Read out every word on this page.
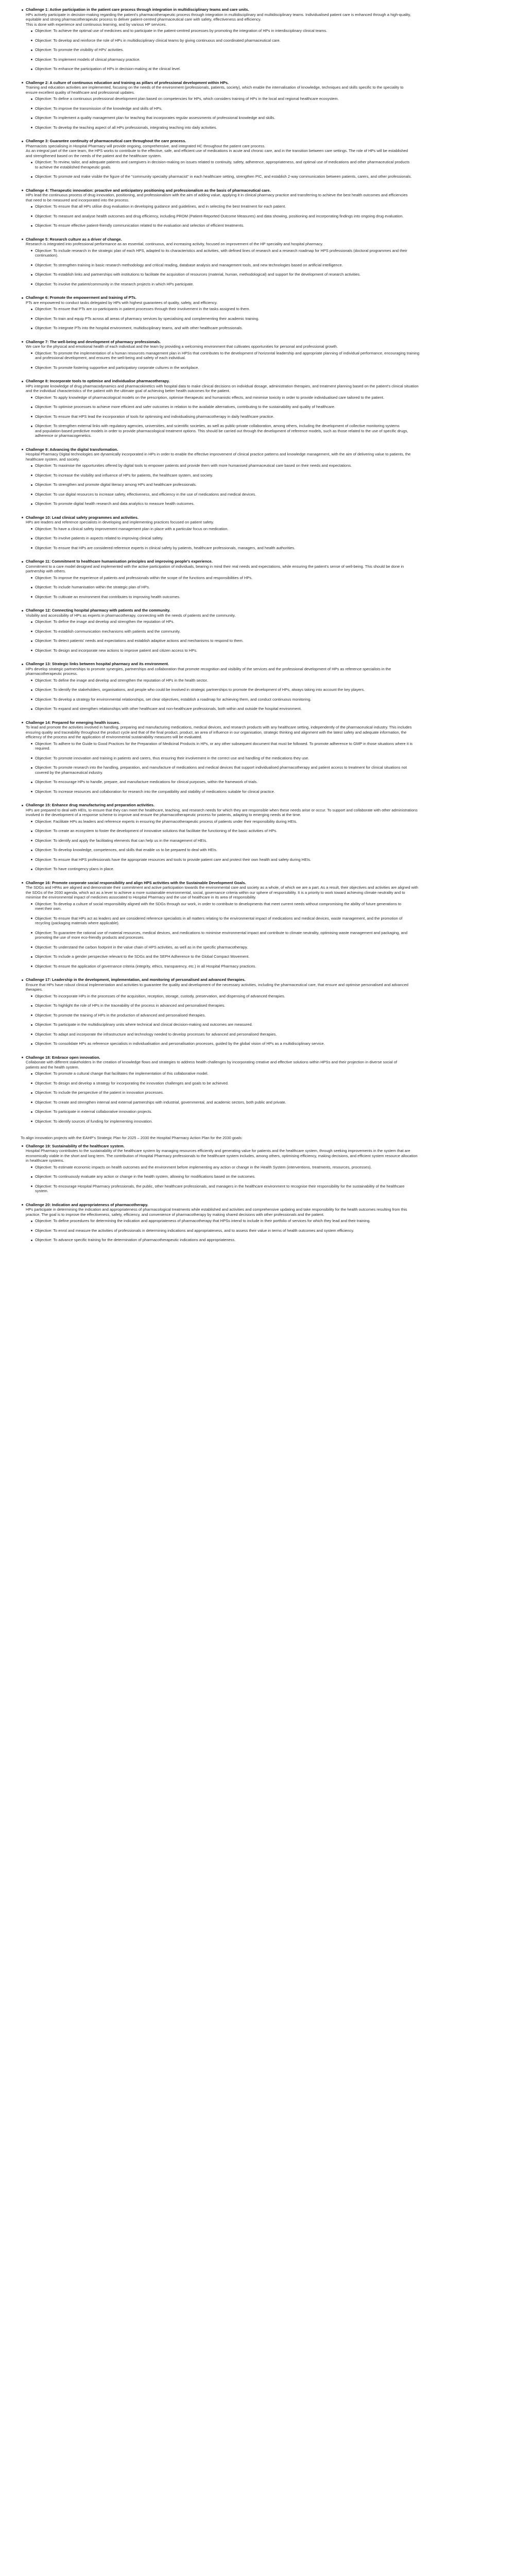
Challenge 1: Active participation in the patient care process through integration in multidisciplinary teams and care units.
HPs actively participate in decision-making regarding the patient's pharmacotherapeutic process through integration in multidisciplinary and multidisciplinary teams. Individualised patient care is enhanced through a high-quality,
equitable and strong pharmacotherapeutic process to deliver patient-centred pharmaceutical care with safety, effectiveness and efficiency.
This is done with experience and continuous learning, and by various HP services.
Objective: To achieve the optimal use of medicines and to participate in the patient-centred processes by promoting the integration of HPs in interdisciplinary clinical teams.
Objective: To develop and reinforce the role of HPs in multidisciplinary clinical teams by giving continuous and coordinated pharmaceutical care.
Objective: To promote the visibility of HPs' activities.
Objective: To implement models of clinical pharmacy practice.
Objective: To enhance the participation of HPs in decision-making at the clinical level.
Challenge 2: A culture of continuous education and training as pillars of professional development within HPs.
Training and education activities are implemented, focusing on the needs of the environment (professionals, patients, society), which enable the internalisation of knowledge, techniques and skills specific to the speciality to
ensure excellent quality of healthcare and professional updates.
Objective: To define a continuous professional development plan based on competencies for HPs, which considers training of HPs in the local and regional healthcare ecosystem.
Objective: To improve the transmission of the knowledge and skills of HPs.
Objective: To implement a quality management plan for teaching that incorporates regular assessments of professional knowledge and skills.
Objective: To develop the teaching aspect of all HPs professionals, integrating teaching into daily activities.
Challenge 3: Guarantee continuity of pharmaceutical care throughout the care process.
Pharmacists specialising in Hospital Pharmacy will provide ongoing, comprehensive, and integrated HC throughout the patient care process.
As an integral part of the care team, the HPS works to contribute to the effective, safe, and efficient use of medications in acute and chronic care, and in the transition between care settings. The role of HPs will be established
and strengthened based on the needs of the patient and the healthcare system.
Objective: To review, tailor, and adequate patients and caregivers in decision-making on issues related to continuity, safety, adherence, appropriateness, and optimal use of medications and other pharmaceutical products
to achieve the established therapeutic goals.
Objective: To promote and make visible the figure of the "community specialty pharmacist" in each healthcare setting, strengthen PIC, and establish 2-way communication between patients, carers, and other professionals.
Challenge 4: Therapeutic innovation: proactive and anticipatory positioning and professionalism as the basis of pharmaceutical care.
HPs lead the continuous process of drug innovation, positioning, and professionalism with the aim of adding value, applying it in clinical pharmacy practice and transferring to achieve the best health outcomes and efficiencies
that need to be measured and incorporated into the process.
Objective: To ensure that all HPs utilise drug evaluation in developing guidance and guidelines, and in selecting the best treatment for each patient.
Objective: To measure and analyse health outcomes and drug efficiency, including PROM (Patient-Reported Outcome Measures) and data showing, positioning and incorporating findings into ongoing drug evaluation.
Objective: To ensure effective patient-friendly communication related to the evaluation and selection of efficient treatments.
Challenge 5: Research culture as a driver of change.
Research is integrated into professional performance as an essential, continuous, and increasing activity, focused on improvement of the HP speciality and hospital pharmacy.
Objective: To include research in the strategic plan of each HPS, adapted to its characteristics and activities, with defined lines of research and a research roadmap for HPS professionals (doctoral programmes and their
continuation).
Objective: To strengthen training in basic research methodology and critical reading, database analysis and management tools, and new technologies based on artificial intelligence.
Objective: To establish links and partnerships with institutions to facilitate the acquisition of resources (material, human, methodological) and support for the development of research activities.
Objective: To involve the patient/community in the research projects in which HPs participate.
Challenge 6: Promote the empowerment and training of PTs.
PTs are empowered to conduct tasks delegated by HPs with highest guarantees of quality, safety, and efficiency.
Objective: To ensure that PTs are co-participants in patient processes through their involvement in the tasks assigned to them.
Objective: To train and equip PTs across all areas of pharmacy services by specialising and complementing their academic training.
Objective: To integrate PTs into the hospital environment, multidisciplinary teams, and with other healthcare professionals.
Challenge 7: The well-being and development of pharmacy professionals.
We care for the physical and emotional health of each individual and the team by providing a welcoming environment that cultivates opportunities for personal and professional growth.
Objective: To promote the implementation of a human resources management plan in HPSs that contributes to the development of horizontal leadership and appropriate planning of individual performance, encouraging training
and professional development, and ensures the well-being and safety of each individual.
Objective: To promote fostering supportive and participatory corporate cultures in the workplace.
Challenge 8: Incorporate tools to optimise and individualise pharmacotherapy.
HPs integrate knowledge of drug pharmacodynamics and pharmacokinetics with hospital data to make clinical decisions on individual dosage, administration therapies, and treatment planning based on the patient's clinical situation
and the individual characteristics of the patient with the ultimate goal of achieving better health outcomes for the patient.
Objective: To apply knowledge of pharmacological models on the prescription, optimise therapeutic and humanistic effects, and minimise toxicity in order to provide individualised care tailored to the patient.
Objective: To optimise processes to achieve more efficient and safer outcomes in relation to the available alternatives, contributing to the sustainability and quality of healthcare.
Objective: To ensure that HPS lead the incorporation of tools for optimising and individualising pharmacotherapy in daily healthcare practice.
Objective: To strengthen external links with regulatory agencies, universities, and scientific societies, as well as public-private collaboration, among others, including the development of collective monitoring systems
and population-based predictive models in order to provide pharmacological treatment options. This should be carried out through the development of reference models, such as those related to the use of specific drugs,
adherence or pharmacogenetics.
Challenge 9: Advancing the digital transformation.
Hospital Pharmacy Digital technologies are dynamically incorporated in HPs in order to enable the effective improvement of clinical practice patterns and knowledge management, with the aim of delivering value to patients, the
healthcare system, and society.
Objective: To maximise the opportunities offered by digital tools to empower patients and provide them with more humanised pharmaceutical care based on their needs and expectations.
Objective: To increase the visibility and influence of HPs for patients, the healthcare system, and society.
Objective: To strengthen and promote digital literacy among HPs and healthcare professionals.
Objective: To use digital resources to increase safety, effectiveness, and efficiency in the use of medications and medical devices.
Objective: To promote digital health research and data analytics to measure health outcomes.
Challenge 10: Lead clinical safety programmes and activities.
HPs are leaders and reference specialists in developing and implementing practices focused on patient safety.
Objective: To have a clinical safety improvement management plan in place with a particular focus on medication.
Objective: To involve patients in aspects related to improving clinical safety.
Objective: To ensure that HPs are considered reference experts in clinical safety by patients, healthcare professionals, managers, and health authorities.
Challenge 11: Commitment to healthcare humanisation principles and improving people's experience.
Commitment to a care model designed and implemented with the active participation of individuals, bearing in mind their real needs and expectations, while ensuring the patient's sense of well-being. This should be done in
partnership with others.
Objective: To improve the experience of patients and professionals within the scope of the functions and responsibilities of HPs.
Objective: To include humanisation within the strategic plan of HPs.
Objective: To cultivate an environment that contributes to improving health outcomes.
Challenge 12: Connecting hospital pharmacy with patients and the community.
Visibility and accessibility of HPs as experts in pharmacotherapy, connecting with the needs of patients and the community.
Objective: To define the image and develop and strengthen the reputation of HPs.
Objective: To establish communication mechanisms with patients and the community.
Objective: To detect patients' needs and expectations and establish adaptive actions and mechanisms to respond to them.
Objective: To design and incorporate new actions to improve patient and citizen access to HPs.
Challenge 13: Strategic links between hospital pharmacy and its environment.
HPs develop strategic partnerships to promote synergies, partnerships and collaboration that promote recognition and visibility of the services and the professional development of HPs as reference specialists in the
pharmacotherapeutic process.
Objective: To define the image and develop and strengthen the reputation of HPs in the health sector.
Objective: To identify the stakeholders, organisations, and people who could be involved in strategic partnerships to promote the development of HPs, always taking into account the key players.
Objective: To develop a strategy for environmental relationships, set clear objectives, establish a roadmap for achieving them, and conduct continuous monitoring.
Objective: To expand and strengthen relationships with other healthcare and non-healthcare professionals, both within and outside the hospital environment.
Challenge 14: Prepared for emerging health issues.
To lead and promote the activities involved in handling, preparing and manufacturing medications, medical devices, and research products with any healthcare setting, independently of the pharmaceutical industry. This includes
ensuring quality and traceability throughout the product cycle and that of the final product, product, an area of influence in our organisation, strategic thinking and alignment with the latest safety and adequate information, the
efficiency of the process and the application of environmental sustainability measures will be evaluated.
Objective: To adhere to the Guide to Good Practices for the Preparation of Medicinal Products in HPs, or any other subsequent document that must be followed. To promote adherence to GMP in those situations where it is
required.
Objective: To promote innovation and training in patients and carers, thus ensuring their involvement in the correct use and handling of the medications they use.
Objective: To promote research into the handling, preparation, and manufacture of medications and medical devices that support individualised pharmacotherapy and patient access to treatment for clinical situations not
covered by the pharmaceutical industry.
Objective: To encourage HPs to handle, prepare, and manufacture medications for clinical purposes, within the framework of trials.
Objective: To increase resources and collaboration for research into the compatibility and stability of medications suitable for clinical practice.
Challenge 15: Enhance drug manufacturing and preparation activities.
HPs are prepared to deal with HEIs, to ensure that they can meet the healthcare, teaching, and research needs for which they are responsible when these needs arise or occur. To support and collaborate with other administrations
involved in the development of a response scheme to improve and ensure the pharmacotherapeutic process for patients, adapting to emerging needs at the time.
Objective: Facilitate HPs as leaders and reference experts in ensuring the pharmacotherapeutic process of patients under their responsibility during HEIs.
Objective: To create an ecosystem to foster the development of innovative solutions that facilitate the functioning of the basic activities of HPs.
Objective: To identify and apply the facilitating elements that can help us in the management of HEIs.
Objective: To develop knowledge, competences, and skills that enable us to be prepared to deal with HEIs.
Objective: To ensure that HPS professionals have the appropriate resources and tools to provide patient care and protect their own health and safety during HEIs.
Objective: To have contingency plans in place.
Challenge 16: Promote corporate social responsibility and align HPS activities with the Sustainable Development Goals.
The SDGs and HPAs are aligned and demonstrate their commitment and active participation towards the environmental care and society as a whole, of which we are a part. As a result, their objectives and activities are aligned with
the SDGs of the 2030 agenda, which act as a lever to achieve a more sustainable environmental, social, governance criteria within our sphere of responsibility. It is a priority to work toward achieving climate neutrality and to
minimise the environmental impact of medicines associated to Hospital Pharmacy and the use of healthcare in its area of responsibility.
Objective: To develop a culture of social responsibility aligned with the SDGs through our work, in order to contribute to developments that meet current needs without compromising the ability of future generations to
meet their own.
Objective: To ensure that HPs act as leaders and are considered reference specialists in all matters relating to the environmental impact of medications and medical devices, waste management, and the promotion of
recycling (packaging materials where applicable).
Objective: To guarantee the rational use of material resources, medical devices, and medications to minimise environmental impact and contribute to climate neutrality, optimising waste management and packaging, and
promoting the use of more eco-friendly products and processes.
Objective: To understand the carbon footprint in the value chain of HPS activities, as well as in the specific pharmacotherapy.
Objective: To include a gender perspective relevant to the SDGs and the SEPH Adherence to the Global Compact Movement.
Objective: To ensure the application of governance criteria (integrity, ethics, transparency, etc.) in all Hospital Pharmacy practices.
Challenge 17: Leadership in the development, implementation, and monitoring of personalised and advanced therapies.
Ensure that HPs have robust clinical implementation and activities to guarantee the quality and development of the necessary activities, including the pharmaceutical care, that ensure and optimise personalised and advanced
therapies.
Objective: To incorporate HPs in the processes of the acquisition, reception, storage, custody, preservation, and dispensing of advanced therapies.
Objective: To highlight the role of HPs in the traceability of the process in advanced and personalised therapies.
Objective: To promote the training of HPs in the production of advanced and personalised therapies.
Objective: To participate in the multidisciplinary units where technical and clinical decision-making and outcomes are measured.
Objective: To adapt and incorporate the infrastructure and technology needed to develop processes for advanced and personalised therapies.
Objective: To consolidate HPs as reference specialists in individualisation and personalisation processes, guided by the global vision of HPs as a multidisciplinary service.
Challenge 18: Embrace open innovation.
Collaborate with different stakeholders in the creation of knowledge flows and strategies to address health challenges by incorporating creative and effective solutions within HPSs and their projection in diverse social of
patients and the health system.
Objective: To promote a cultural change that facilitates the implementation of this collaborative model.
Objective: To design and develop a strategy for incorporating the innovation challenges and goals to be achieved.
Objective: To include the perspective of the patient in innovation processes.
Objective: To create and strengthen internal and external partnerships with industrial, governmental, and academic sectors, both public and private.
Objective: To participate in external collaborative innovation projects.
Objective: To identify sources of funding for implementing innovation.
To align innovation projects with the EAHP's Strategic Plan for 2025 – 2030 the Hospital Pharmacy Action Plan for the 2030 goals:
Challenge 19: Sustainability of the healthcare system.
Hospital Pharmacy contributes to the sustainability of the healthcare system by managing resources efficiently and generating value for patients and the healthcare system, through seeking improvements in the system that are
economically viable in the short and long term. The contribution of Hospital Pharmacy professionals to the healthcare system includes, among others, optimising efficiency, making decisions, and efficient system resource allocation
in healthcare systems.
Objective: To estimate economic impacts on health outcomes and the environment before implementing any action or change in the Health System (interventions, treatments, resources, processes).
Objective: To continuously evaluate any action or change in the health system, allowing for modifications based on the outcomes.
Objective: To encourage Hospital Pharmacy professionals, the public, other healthcare professionals, and managers in the healthcare environment to recognise their responsibility for the sustainability of the healthcare
system.
Challenge 20: Indication and appropriateness of pharmacotherapy.
HPs participate in determining the indication and appropriateness of pharmacological treatments while established and activities and comprehensive updating and take responsibility for the health outcomes resulting from this
practice. The goal is to improve the effectiveness, safety, efficiency, and convenience of pharmacotherapy by making shared decisions with other professionals and the patient.
Objective: To define procedures for determining the indication and appropriateness of pharmacotherapy that HPSs intend to include in their portfolio of services for which they lead and their training.
Objective: To enrol and measure the activities of professionals in determining indications and appropriateness, and to assess their value in terms of health outcomes and system efficiency.
Objective: To advance specific training for the determination of pharmacotherapeutic indications and appropriateness.
